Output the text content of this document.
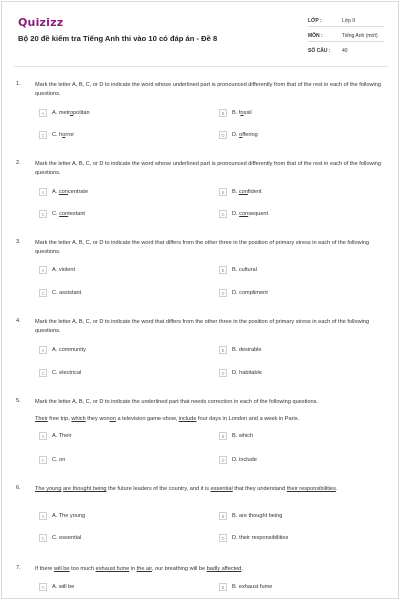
Quizizz
Bộ 20 đề kiểm tra Tiếng Anh thi vào 10 có đáp án - Đề 8
LỚP :	Lớp 9
MÔN :	Tiếng Anh (mới)
SỐ CÂU : 40
1.	Mark the letter A, B, C, or D to indicate the word whose underlined part is pronounced differently from that of the rest in each of the following questions.
A	A. metropolitan	B	B. fossil
C	C. horror	D	D. offering
2.	Mark the letter A, B, C, or D to indicate the word whose underlined part is pronounced differently from that of the rest in each of the following questions.
A	A. concentrate	B	B. confident
C	C. contestant	D	D. consequent
3.	Mark the letter A, B, C, or D to indicate the word that differs from the other three in the position of primary stress in each of the following questions.
A	A. violent	B	B. cultural
C	C. assistant	D	D. compliment
4.	Mark the letter A, B, C, or D to indicate the word that differs from the other three in the position of primary stress in each of the following questions.
A	A. community	B	B. desirable
C	C. electrical	D	D. habitable
5.	Mark the letter A, B, C, or D to indicate the underlined part that needs correction in each of the following questions.
Their free trip, which they wonon a television game-show, include four days in London and a week in Paris.
A	A. Their	B	B. which
C	C. on	D	D. include
6.	The young are thought being the future leaders of the country, and it is essential that they understand their responsibilities.
A	A. The young	B	B. are thought being
C	C. essential	D	D. their responsibilities
7.	If there will be too much exhaust fume in the air, our breathing will be badly affected.
A	A. will be	B	B. exhaust fume
